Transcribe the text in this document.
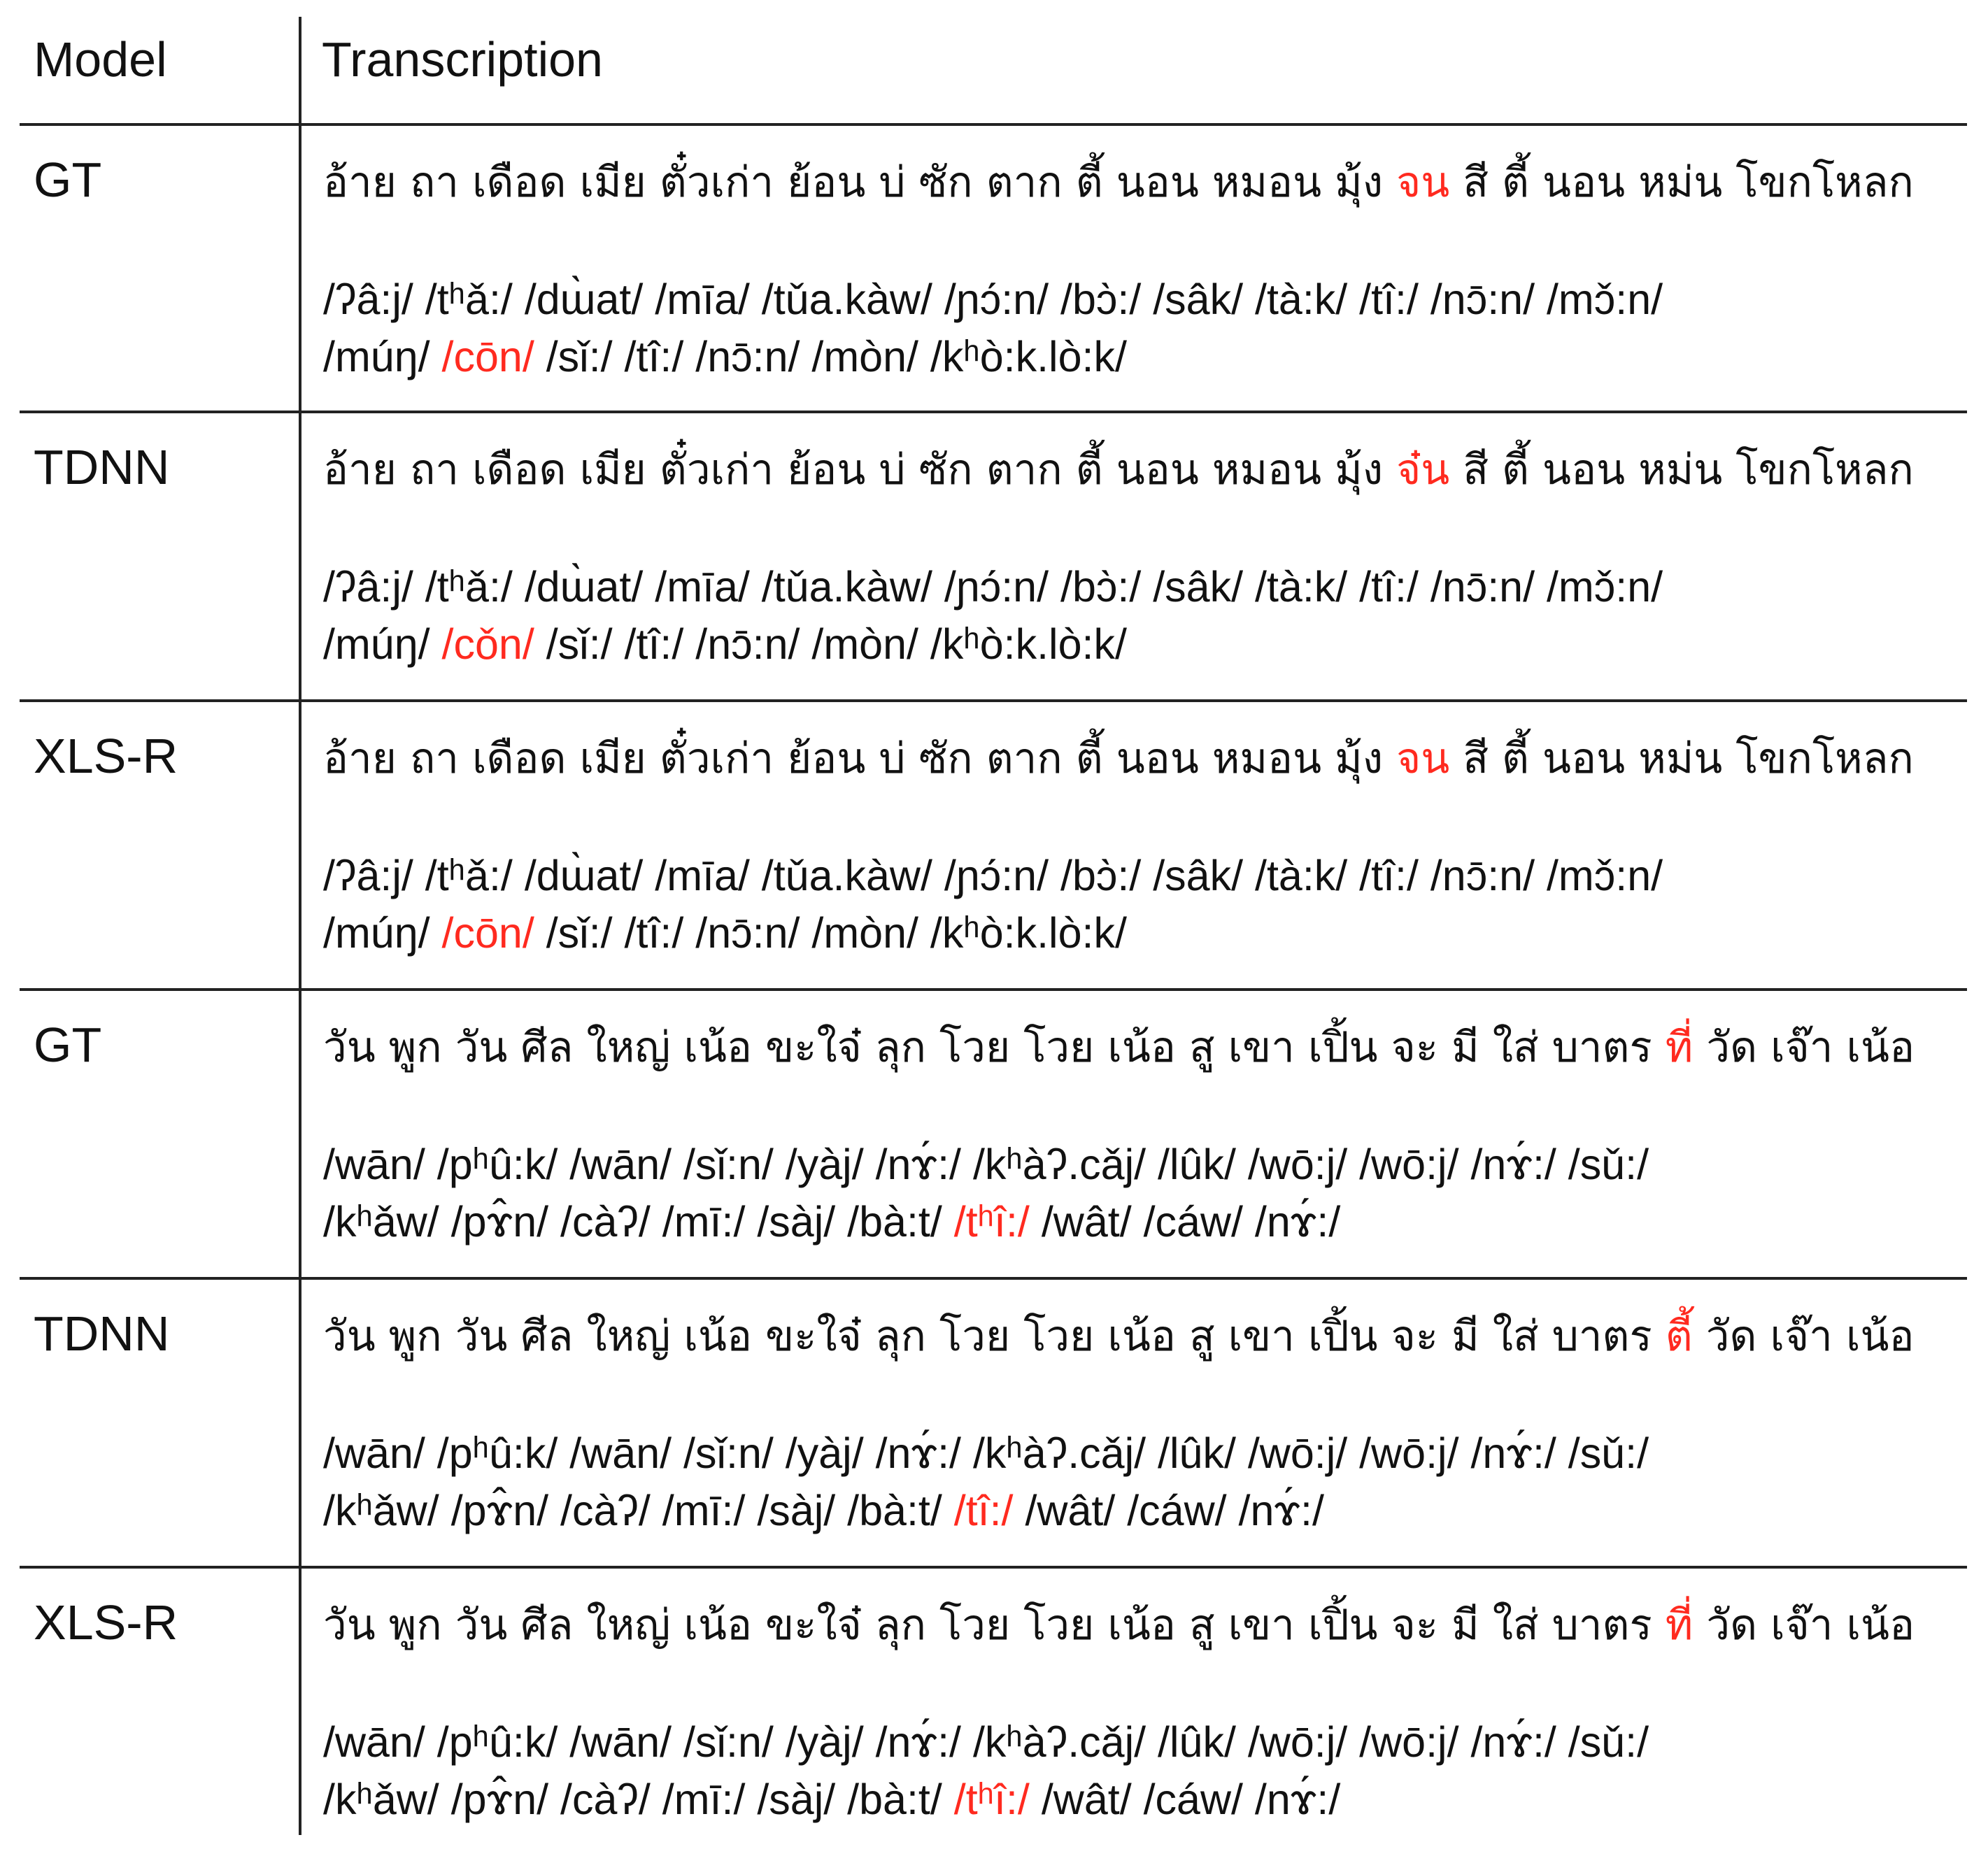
Model	Transcription
GT	อ้าย ถา เดือด เมีย ตั๋วเก่า ย้อน บ่ ซัก ตาก ตี้ นอน หมอน มุ้ง จน สี ตี้ นอน หม่น โขกโหลก
/ʔâ:j/ /tʰǎ:/ /dɯ̀at/ /mīa/ /tǔa.kàw/ /ɲɔ́:n/ /bɔ̀:/ /sâk/ /tà:k/ /tî:/ /nɔ̄:n/ /mɔ̌:n/
/múŋ/ /cōn/ /sǐ:/ /tî:/ /nɔ̄:n/ /mòn/ /kʰò:k.lò:k/
TDNN	อ้าย ถา เดือด เมีย ตั๋วเก่า ย้อน บ่ ซัก ตาก ตี้ นอน หมอน มุ้ง จ๋น สี ตี้ นอน หม่น โขกโหลก
/ʔâ:j/ /tʰǎ:/ /dɯ̀at/ /mīa/ /tǔa.kàw/ /ɲɔ́:n/ /bɔ̀:/ /sâk/ /tà:k/ /tî:/ /nɔ̄:n/ /mɔ̌:n/
/múŋ/ /cǒn/ /sǐ:/ /tî:/ /nɔ̄:n/ /mòn/ /kʰò:k.lò:k/
XLS-R	อ้าย ถา เดือด เมีย ตั๋วเก่า ย้อน บ่ ซัก ตาก ตี้ นอน หมอน มุ้ง จน สี ตี้ นอน หม่น โขกโหลก
/ʔâ:j/ /tʰǎ:/ /dɯ̀at/ /mīa/ /tǔa.kàw/ /ɲɔ́:n/ /bɔ̀:/ /sâk/ /tà:k/ /tî:/ /nɔ̄:n/ /mɔ̌:n/
/múŋ/ /cōn/ /sǐ:/ /tî:/ /nɔ̄:n/ /mòn/ /kʰò:k.lò:k/
GT	วัน พูก วัน ศีล ใหญ่ เน้อ ขะใจ๋ ลุก โวย โวย เน้อ สู เขา เปิ้น จะ มี ใส่ บาตร ที่ วัด เจ๊า เน้อ
/wān/ /pʰû:k/ /wān/ /sǐ:n/ /yàj/ /nɤ́:/ /kʰàʔ.cǎj/ /lûk/ /wō:j/ /wō:j/ /nɤ́:/ /sǔ:/
/kʰǎw/ /pɤ̂n/ /càʔ/ /mī:/ /sàj/ /bà:t/ /tʰî:/ /wât/ /cáw/ /nɤ́:/
TDNN	วัน พูก วัน ศีล ใหญ่ เน้อ ขะใจ๋ ลุก โวย โวย เน้อ สู เขา เปิ้น จะ มี ใส่ บาตร ตี้ วัด เจ๊า เน้อ
/wān/ /pʰû:k/ /wān/ /sǐ:n/ /yàj/ /nɤ́:/ /kʰàʔ.cǎj/ /lûk/ /wō:j/ /wō:j/ /nɤ́:/ /sǔ:/
/kʰǎw/ /pɤ̂n/ /càʔ/ /mī:/ /sàj/ /bà:t/ /tî:/ /wât/ /cáw/ /nɤ́:/
XLS-R	วัน พูก วัน ศีล ใหญ่ เน้อ ขะใจ๋ ลุก โวย โวย เน้อ สู เขา เปิ้น จะ มี ใส่ บาตร ที่ วัด เจ๊า เน้อ
/wān/ /pʰû:k/ /wān/ /sǐ:n/ /yàj/ /nɤ́:/ /kʰàʔ.cǎj/ /lûk/ /wō:j/ /wō:j/ /nɤ́:/ /sǔ:/
/kʰǎw/ /pɤ̂n/ /càʔ/ /mī:/ /sàj/ /bà:t/ /tʰî:/ /wât/ /cáw/ /nɤ́:/
